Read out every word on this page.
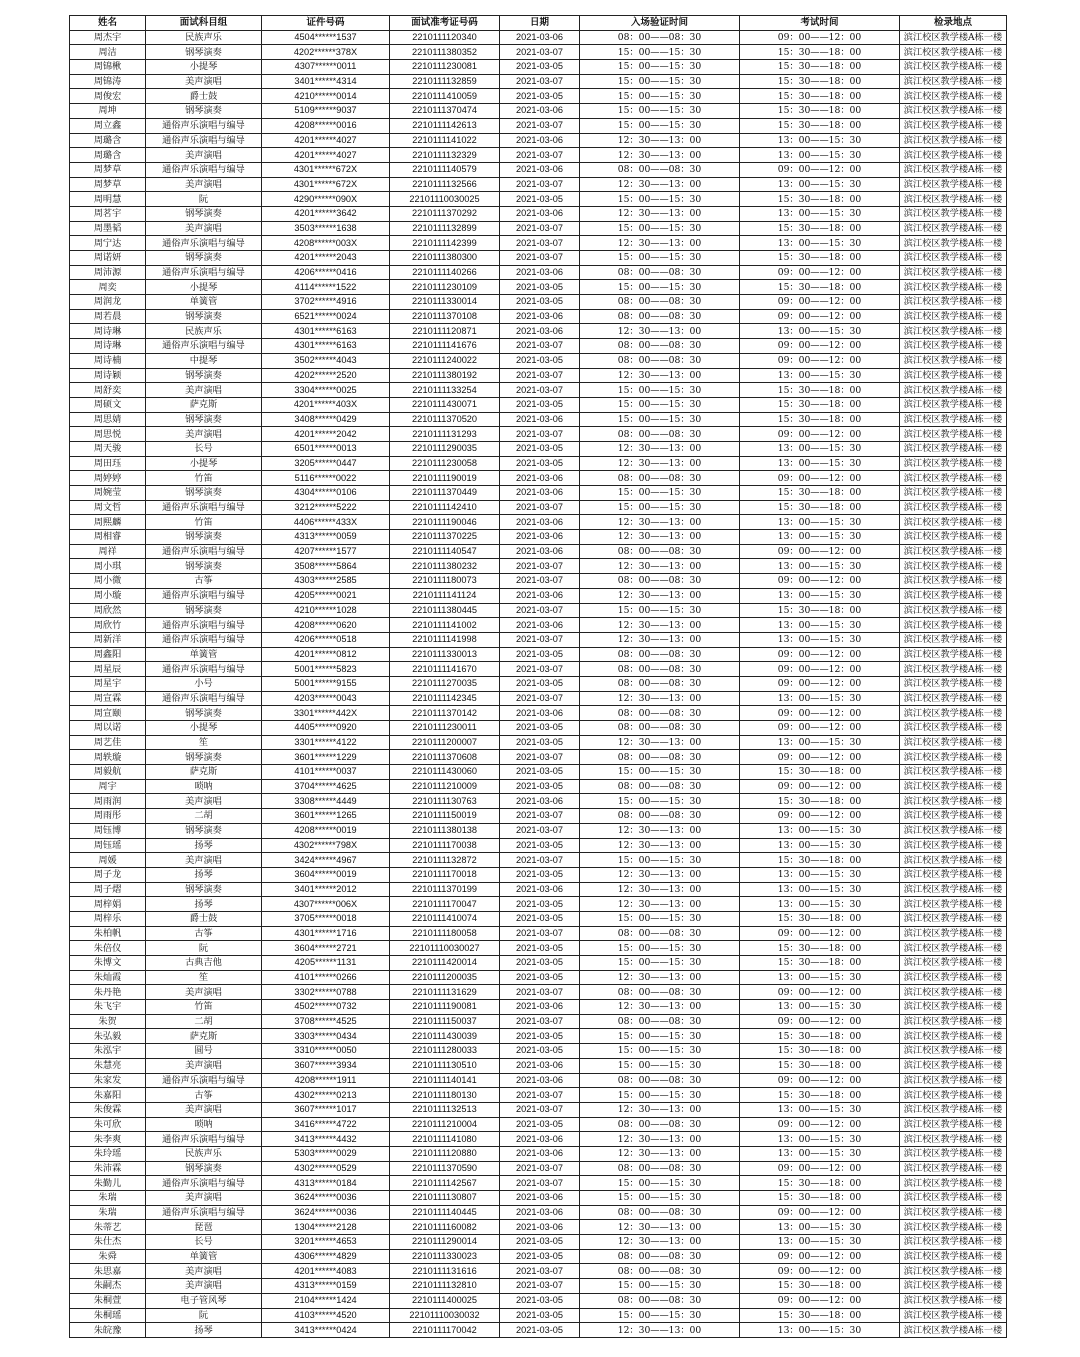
姓名	面试科目组	证件号码	面试准考证号码	日期	入场验证时间	考试时间	检录地点
周杰宇	民族声乐	4504******1537	2210111120340	2021-03-06	08：00——08：30	09：00——12：00	滨江校区教学楼A栋一楼
周洁	钢琴演奏	4202******378X	2210111380352	2021-03-07	15：00——15：30	15：30——18：00	滨江校区教学楼A栋一楼
周锦楸	小提琴	4307******0011	2210111230081	2021-03-05	15：00——15：30	15：30——18：00	滨江校区教学楼A栋一楼
周锦涛	美声演唱	3401******4314	2210111132859	2021-03-07	15：00——15：30	15：30——18：00	滨江校区教学楼A栋一楼
周俊宏	爵士鼓	4210******0014	2210111410059	2021-03-05	15：00——15：30	15：30——18：00	滨江校区教学楼A栋一楼
周坤	钢琴演奏	5109******9037	2210111370474	2021-03-06	15：00——15：30	15：30——18：00	滨江校区教学楼A栋一楼
周立鑫	通俗声乐演唱与编导	4208******0016	2210111142613	2021-03-07	15：00——15：30	15：30——18：00	滨江校区教学楼A栋一楼
周璐含	通俗声乐演唱与编导	4201******4027	2210111141022	2021-03-06	12：30——13：00	13：00——15：30	滨江校区教学楼A栋一楼
周璐含	美声演唱	4201******4027	2210111132329	2021-03-07	12：30——13：00	13：00——15：30	滨江校区教学楼A栋一楼
周梦草	通俗声乐演唱与编导	4301******672X	2210111140579	2021-03-06	08：00——08：30	09：00——12：00	滨江校区教学楼A栋一楼
周梦草	美声演唱	4301******672X	2210111132566	2021-03-07	12：30——13：00	13：00——15：30	滨江校区教学楼A栋一楼
周明慧	阮	4290******090X	22101110030025	2021-03-05	15：00——15：30	15：30——18：00	滨江校区教学楼A栋一楼
周茗宇	钢琴演奏	4201******3642	2210111370292	2021-03-06	12：30——13：00	13：00——15：30	滨江校区教学楼A栋一楼
周墨韬	美声演唱	3503******1638	2210111132899	2021-03-07	15：00——15：30	15：30——18：00	滨江校区教学楼A栋一楼
周宁达	通俗声乐演唱与编导	4208******003X	2210111142399	2021-03-07	12：30——13：00	13：00——15：30	滨江校区教学楼A栋一楼
周诺妍	钢琴演奏	4201******2043	2210111380300	2021-03-07	15：00——15：30	15：30——18：00	滨江校区教学楼A栋一楼
周沛源	通俗声乐演唱与编导	4206******0416	2210111140266	2021-03-06	08：00——08：30	09：00——12：00	滨江校区教学楼A栋一楼
周奕	小提琴	4114******1522	2210111230109	2021-03-05	15：00——15：30	15：30——18：00	滨江校区教学楼A栋一楼
周润龙	单簧管	3702******4916	2210111330014	2021-03-05	08：00——08：30	09：00——12：00	滨江校区教学楼A栋一楼
周若晨	钢琴演奏	6521******0024	2210111370108	2021-03-06	08：00——08：30	09：00——12：00	滨江校区教学楼A栋一楼
周诗琳	民族声乐	4301******6163	2210111120871	2021-03-06	12：30——13：00	13：00——15：30	滨江校区教学楼A栋一楼
周诗琳	通俗声乐演唱与编导	4301******6163	2210111141676	2021-03-07	08：00——08：30	09：00——12：00	滨江校区教学楼A栋一楼
周诗楠	中提琴	3502******4043	2210111240022	2021-03-05	08：00——08：30	09：00——12：00	滨江校区教学楼A栋一楼
周诗颖	钢琴演奏	4202******2520	2210111380192	2021-03-07	12：30——13：00	13：00——15：30	滨江校区教学楼A栋一楼
周舒奕	美声演唱	3304******0025	2210111133254	2021-03-07	15：00——15：30	15：30——18：00	滨江校区教学楼A栋一楼
周硕文	萨克斯	4201******403X	2210111430071	2021-03-05	15：00——15：30	15：30——18：00	滨江校区教学楼A栋一楼
周思婧	钢琴演奏	3408******0429	2210111370520	2021-03-06	15：00——15：30	15：30——18：00	滨江校区教学楼A栋一楼
周思悦	美声演唱	4201******2042	2210111131293	2021-03-07	08：00——08：30	09：00——12：00	滨江校区教学楼A栋一楼
周天骏	长号	6501******0013	2210111290035	2021-03-05	12：30——13：00	13：00——15：30	滨江校区教学楼A栋一楼
周田珏	小提琴	3205******0447	2210111230058	2021-03-05	12：30——13：00	13：00——15：30	滨江校区教学楼A栋一楼
周婷婷	竹笛	5116******0022	2210111190019	2021-03-06	08：00——08：30	09：00——12：00	滨江校区教学楼A栋一楼
周婉莹	钢琴演奏	4304******0106	2210111370449	2021-03-06	15：00——15：30	15：30——18：00	滨江校区教学楼A栋一楼
周文哲	通俗声乐演唱与编导	3212******5222	2210111142410	2021-03-07	15：00——15：30	15：30——18：00	滨江校区教学楼A栋一楼
周熙麟	竹笛	4406******433X	2210111190046	2021-03-06	12：30——13：00	13：00——15：30	滨江校区教学楼A栋一楼
周相睿	钢琴演奏	4313******0059	2210111370225	2021-03-06	12：30——13：00	13：00——15：30	滨江校区教学楼A栋一楼
周祥	通俗声乐演唱与编导	4207******1577	2210111140547	2021-03-06	08：00——08：30	09：00——12：00	滨江校区教学楼A栋一楼
周小琪	钢琴演奏	3508******5864	2210111380232	2021-03-07	12：30——13：00	13：00——15：30	滨江校区教学楼A栋一楼
周小微	古筝	4303******2585	2210111180073	2021-03-07	08：00——08：30	09：00——12：00	滨江校区教学楼A栋一楼
周小璇	通俗声乐演唱与编导	4205******0021	2210111141124	2021-03-06	12：30——13：00	13：00——15：30	滨江校区教学楼A栋一楼
周欣然	钢琴演奏	4210******1028	2210111380445	2021-03-07	15：00——15：30	15：30——18：00	滨江校区教学楼A栋一楼
周欣竹	通俗声乐演唱与编导	4208******0620	2210111141002	2021-03-06	12：30——13：00	13：00——15：30	滨江校区教学楼A栋一楼
周新洋	通俗声乐演唱与编导	4206******0518	2210111141998	2021-03-07	12：30——13：00	13：00——15：30	滨江校区教学楼A栋一楼
周鑫阳	单簧管	4201******0812	2210111330013	2021-03-05	08：00——08：30	09：00——12：00	滨江校区教学楼A栋一楼
周星辰	通俗声乐演唱与编导	5001******5823	2210111141670	2021-03-07	08：00——08：30	09：00——12：00	滨江校区教学楼A栋一楼
周星宇	小号	5001******9155	2210111270035	2021-03-05	08：00——08：30	09：00——12：00	滨江校区教学楼A栋一楼
周宣霖	通俗声乐演唱与编导	4203******0043	2210111142345	2021-03-07	12：30——13：00	13：00——15：30	滨江校区教学楼A栋一楼
周宣颐	钢琴演奏	3301******442X	2210111370142	2021-03-06	08：00——08：30	09：00——12：00	滨江校区教学楼A栋一楼
周以诺	小提琴	4405******0920	2210111230011	2021-03-05	08：00——08：30	09：00——12：00	滨江校区教学楼A栋一楼
周艺佳	笙	3301******4122	2210111200007	2021-03-05	12：30——13：00	13：00——15：30	滨江校区教学楼A栋一楼
周轶璇	钢琴演奏	3601******1229	2210111370608	2021-03-07	08：00——08：30	09：00——12：00	滨江校区教学楼A栋一楼
周毅航	萨克斯	4101******0037	2210111430060	2021-03-05	15：00——15：30	15：30——18：00	滨江校区教学楼A栋一楼
周宇	唢呐	3704******4625	2210111210009	2021-03-05	08：00——08：30	09：00——12：00	滨江校区教学楼A栋一楼
周雨润	美声演唱	3308******4449	2210111130763	2021-03-06	15：00——15：30	15：30——18：00	滨江校区教学楼A栋一楼
周雨彤	二胡	3601******1265	2210111150019	2021-03-07	08：00——08：30	09：00——12：00	滨江校区教学楼A栋一楼
周钰博	钢琴演奏	4208******0019	2210111380138	2021-03-07	12：30——13：00	13：00——15：30	滨江校区教学楼A栋一楼
周钰瑶	扬琴	4302******798X	2210111170038	2021-03-05	12：30——13：00	13：00——15：30	滨江校区教学楼A栋一楼
周媛	美声演唱	3424******4967	2210111132872	2021-03-07	15：00——15：30	15：30——18：00	滨江校区教学楼A栋一楼
周子龙	扬琴	3604******0019	2210111170018	2021-03-05	12：30——13：00	13：00——15：30	滨江校区教学楼A栋一楼
周子熠	钢琴演奏	3401******2012	2210111370199	2021-03-06	12：30——13：00	13：00——15：30	滨江校区教学楼A栋一楼
周梓娟	扬琴	4307******006X	2210111170047	2021-03-05	12：30——13：00	13：00——15：30	滨江校区教学楼A栋一楼
周梓乐	爵士鼓	3705******0018	2210111410074	2021-03-05	15：00——15：30	15：30——18：00	滨江校区教学楼A栋一楼
朱柏帆	古筝	4301******1716	2210111180058	2021-03-07	08：00——08：30	09：00——12：00	滨江校区教学楼A栋一楼
朱倍仪	阮	3604******2721	22101110030027	2021-03-05	15：00——15：30	15：30——18：00	滨江校区教学楼A栋一楼
朱博文	古典吉他	4205******1131	2210111420014	2021-03-05	15：00——15：30	15：30——18：00	滨江校区教学楼A栋一楼
朱灿霞	笙	4101******0266	2210111200035	2021-03-05	12：30——13：00	13：00——15：30	滨江校区教学楼A栋一楼
朱丹艳	美声演唱	3302******0788	2210111131629	2021-03-07	08：00——08：30	09：00——12：00	滨江校区教学楼A栋一楼
朱飞宇	竹笛	4502******0732	2210111190081	2021-03-06	12：30——13：00	13：00——15：30	滨江校区教学楼A栋一楼
朱贺	二胡	3708******4525	2210111150037	2021-03-07	08：00——08：30	09：00——12：00	滨江校区教学楼A栋一楼
朱弘毅	萨克斯	3303******0434	2210111430039	2021-03-05	15：00——15：30	15：30——18：00	滨江校区教学楼A栋一楼
朱泓宇	圆号	3310******0050	2210111280033	2021-03-05	15：00——15：30	15：30——18：00	滨江校区教学楼A栋一楼
朱慧亮	美声演唱	3607******3934	2210111130510	2021-03-06	15：00——15：30	15：30——18：00	滨江校区教学楼A栋一楼
朱家发	通俗声乐演唱与编导	4208******1911	2210111140141	2021-03-06	08：00——08：30	09：00——12：00	滨江校区教学楼A栋一楼
朱嘉阳	古筝	4302******0213	2210111180130	2021-03-07	15：00——15：30	15：30——18：00	滨江校区教学楼A栋一楼
朱俊霖	美声演唱	3607******1017	2210111132513	2021-03-07	12：30——13：00	13：00——15：30	滨江校区教学楼A栋一楼
朱可欣	唢呐	3416******4722	2210111210004	2021-03-05	08：00——08：30	09：00——12：00	滨江校区教学楼A栋一楼
朱李爽	通俗声乐演唱与编导	3413******4432	2210111141080	2021-03-06	12：30——13：00	13：00——15：30	滨江校区教学楼A栋一楼
朱玲瑶	民族声乐	5303******0029	2210111120880	2021-03-06	12：30——13：00	13：00——15：30	滨江校区教学楼A栋一楼
朱沛霖	钢琴演奏	4302******0529	2210111370590	2021-03-07	08：00——08：30	09：00——12：00	滨江校区教学楼A栋一楼
朱勤儿	通俗声乐演唱与编导	4313******0184	2210111142567	2021-03-07	15：00——15：30	15：30——18：00	滨江校区教学楼A栋一楼
朱瑞	美声演唱	3624******0036	2210111130807	2021-03-06	15：00——15：30	15：30——18：00	滨江校区教学楼A栋一楼
朱瑞	通俗声乐演唱与编导	3624******0036	2210111140445	2021-03-06	08：00——08：30	09：00——12：00	滨江校区教学楼A栋一楼
朱蒂艺	琵琶	1304******2128	2210111160082	2021-03-06	12：30——13：00	13：00——15：30	滨江校区教学楼A栋一楼
朱仕杰	长号	3201******4653	2210111290014	2021-03-05	12：30——13：00	13：00——15：30	滨江校区教学楼A栋一楼
朱舜	单簧管	4306******4829	2210111330023	2021-03-05	08：00——08：30	09：00——12：00	滨江校区教学楼A栋一楼
朱思嘉	美声演唱	4201******4083	2210111131616	2021-03-07	08：00——08：30	09：00——12：00	滨江校区教学楼A栋一楼
朱嗣杰	美声演唱	4313******0159	2210111132810	2021-03-07	15：00——15：30	15：30——18：00	滨江校区教学楼A栋一楼
朱桐萱	电子管风琴	2104******1424	2210111400025	2021-03-05	08：00——08：30	09：00——12：00	滨江校区教学楼A栋一楼
朱桐瑶	阮	4103******4520	22101110030032	2021-03-05	15：00——15：30	15：30——18：00	滨江校区教学楼A栋一楼
朱皖豫	扬琴	3413******0424	2210111170042	2021-03-05	12：30——13：00	13：00——15：30	滨江校区教学楼A栋一楼
